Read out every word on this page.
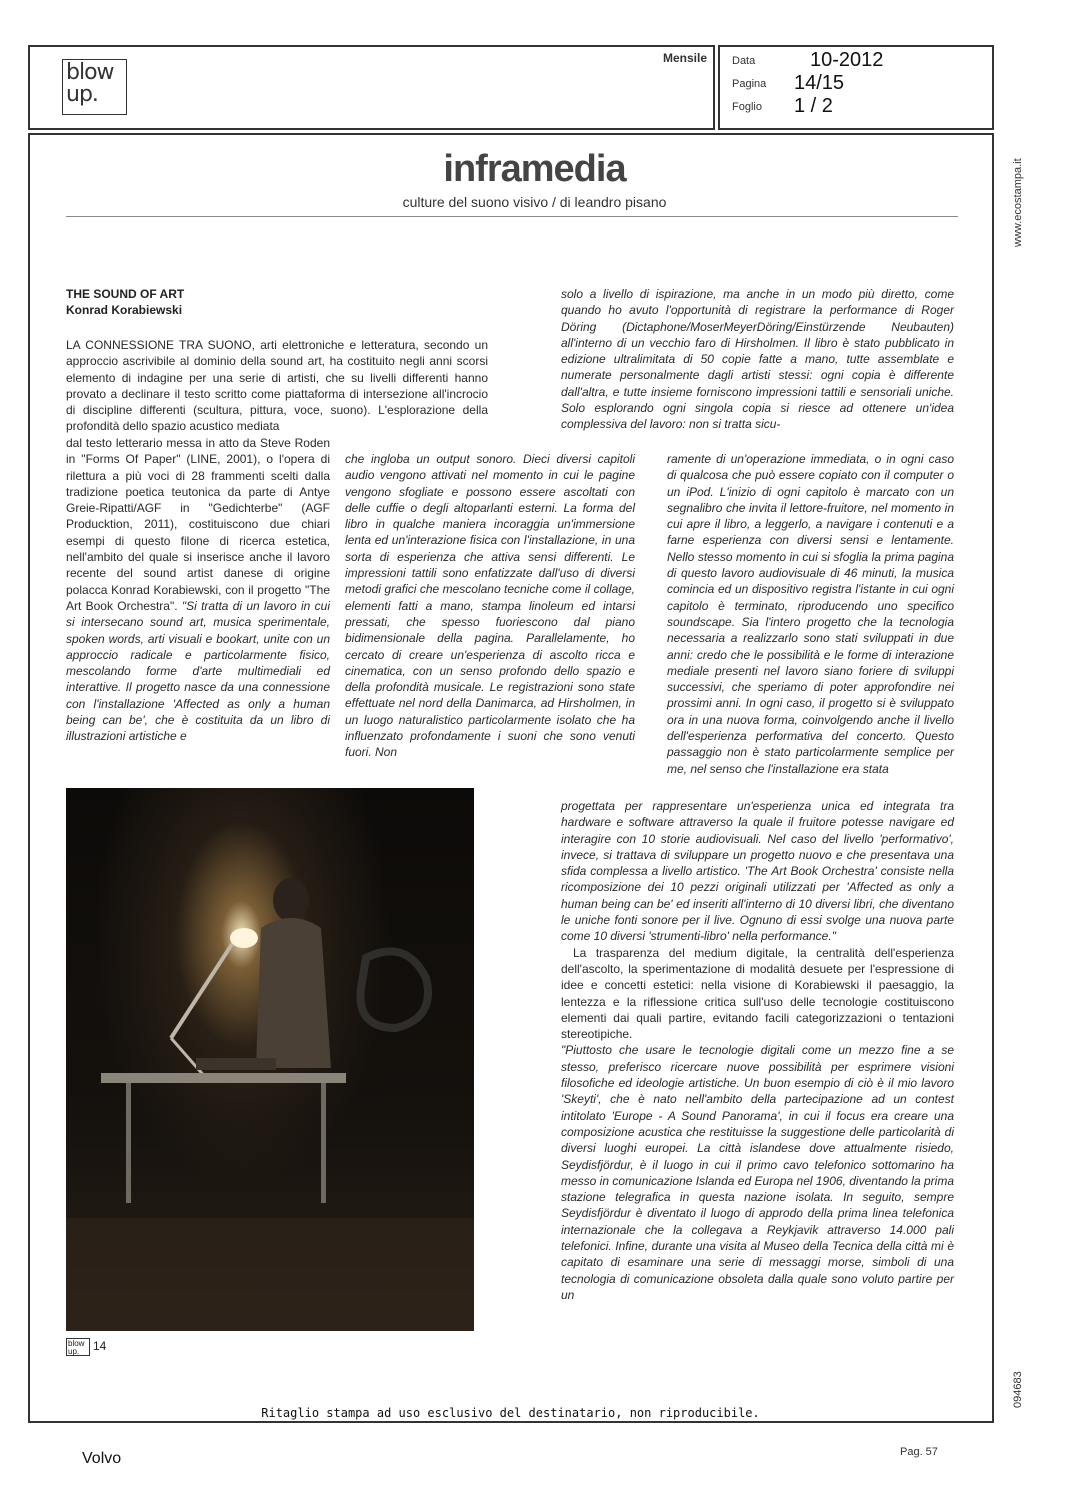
blow
up.
Mensile Data	10-2012
Pagina 14/15
Foglio 1 / 2
www.ecostampa.it
094683
inframedia
culture del suono visivo / di leandro pisano
THE SOUND OF ART
Konrad Korabiewski
LA CONNESSIONE TRA SUONO, arti elettroniche e letteratura, secondo un approccio ascrivibile al dominio della sound art, ha costituito negli anni scorsi elemento di indagine per una serie di artisti, che su livelli differenti hanno provato a declinare il testo scritto come piattaforma di intersezione all'incrocio di discipline differenti (scultura, pittura, voce, suono). L'esplorazione della profondità dello spazio acustico mediata
dal testo letterario messa in atto da Steve Roden in "Forms Of Paper" (LINE, 2001), o l'opera di rilettura a più voci di 28 frammenti scelti dalla tradizione poetica teutonica da parte di Antye Greie-Ripatti/AGF in "Gedichterbe" (AGF Producktion, 2011), costituiscono due chiari esempi di questo filone di ricerca estetica, nell'ambito del quale si inserisce anche il lavoro recente del sound artist danese di origine polacca Konrad Korabiewski, con il progetto "The Art Book Orchestra". "Si tratta di un lavoro in cui si intersecano sound art, musica sperimentale, spoken words, arti visuali e bookart, unite con un approccio radicale e particolarmente fisico, mescolando forme d'arte multimediali ed interattive. Il progetto nasce da una connessione con l'installazione 'Affected as only a human being can be', che è costituita da un libro di illustrazioni artistiche e
che ingloba un output sonoro. Dieci diversi capitoli audio vengono attivati nel momento in cui le pagine vengono sfogliate e possono essere ascoltati con delle cuffie o degli altoparlanti esterni. La forma del libro in qualche maniera incoraggia un'immersione lenta ed un'interazione fisica con l'installazione, in una sorta di esperienza che attiva sensi differenti. Le impressioni tattili sono enfatizzate dall'uso di diversi metodi grafici che mescolano tecniche come il collage, elementi fatti a mano, stampa linoleum ed intarsi pressati, che spesso fuoriescono dal piano bidimensionale della pagina. Parallelamente, ho cercato di creare un'esperienza di ascolto ricca e cinematica, con un senso profondo dello spazio e della profondità musicale. Le registrazioni sono state effettuate nel nord della Danimarca, ad Hirsholmen, in un luogo naturalistico particolarmente isolato che ha influenzato profondamente i suoni che sono venuti fuori. Non
solo a livello di ispirazione, ma anche in un modo più diretto, come quando ho avuto l'opportunità di registrare la performance di Roger Döring (Dictaphone/MoserMeyerDöring/Einstürzende Neubauten) all'interno di un vecchio faro di Hirsholmen. Il libro è stato pubblicato in edizione ultralimitata di 50 copie fatte a mano, tutte assemblate e numerate personalmente dagli artisti stessi: ogni copia è differente dall'altra, e tutte insieme forniscono impressioni tattili e sensoriali uniche. Solo esplorando ogni singola copia si riesce ad ottenere un'idea complessiva del lavoro: non si tratta sicu-
ramente di un'operazione immediata, o in ogni caso di qualcosa che può essere copiato con il computer o un iPod. L'inizio di ogni capitolo è marcato con un segnalibro che invita il lettore-fruitore, nel momento in cui apre il libro, a leggerlo, a navigare i contenuti e a farne esperienza con diversi sensi e lentamente. Nello stesso momento in cui si sfoglia la prima pagina di questo lavoro audiovisuale di 46 minuti, la musica comincia ed un dispositivo registra l'istante in cui ogni capitolo è terminato, riproducendo uno specifico soundscape. Sia l'intero progetto che la tecnologia necessaria a realizzarlo sono stati sviluppati in due anni: credo che le possibilità e le forme di interazione mediale presenti nel lavoro siano foriere di sviluppi successivi, che speriamo di poter approfondire nei prossimi anni. In ogni caso, il progetto si è sviluppato ora in una nuova forma, coinvolgendo anche il livello dell'esperienza performativa del concerto. Questo passaggio non è stato particolarmente semplice per me, nel senso che l'installazione era stata

progettata per rappresentare un'esperienza unica ed integrata tra hardware e software attraverso la quale il fruitore potesse navigare ed interagire con 10 storie audiovisuali. Nel caso del livello 'performativo', invece, si trattava di sviluppare un progetto nuovo e che presentava una sfida complessa a livello artistico. 'The Art Book Orchestra' consiste nella ricomposizione dei 10 pezzi originali utilizzati per 'Affected as only a human being can be' ed inseriti all'interno di 10 diversi libri, che diventano le uniche fonti sonore per il live. Ognuno di essi svolge una nuova parte come 10 diversi 'strumenti-libro' nella performance."

La trasparenza del medium digitale, la centralità dell'esperienza dell'ascolto, la sperimentazione di modalità desuete per l'espressione di idee e concetti estetici: nella visione di Korabiewski il paesaggio, la lentezza e la riflessione critica sull'uso delle tecnologie costituiscono elementi dai quali partire, evitando facili categorizzazioni o tentazioni stereotipiche.

"Piuttosto che usare le tecnologie digitali come un mezzo fine a se stesso, preferisco ricercare nuove possibilità per esprimere visioni filosofiche ed ideologie artistiche. Un buon esempio di ciò è il mio lavoro 'Skeyti', che è nato nell'ambito della partecipazione ad un contest intitolato 'Europe - A Sound Panorama', in cui il focus era creare una composizione acustica che restituisse la suggestione delle particolarità di diversi luoghi europei. La città islandese dove attualmente risiedo, Seydisfjördur, è il luogo in cui il primo cavo telefonico sottomarino ha messo in comunicazione Islanda ed Europa nel 1906, diventando la prima stazione telegrafica in questa nazione isolata. In seguito, sempre Seydisfjördur è diventato il luogo di approdo della prima linea telefonica internazionale che la collegava a Reykjavik attraverso 14.000 pali telefonici. Infine, durante una visita al Museo della Tecnica della città mi è capitato di esaminare una serie di messaggi morse, simboli di una tecnologia di comunicazione obsoleta dalla quale sono voluto partire per un

blow
up.	14
Ritaglio stampa ad uso esclusivo del destinatario, non riproducibile.
Volvo	Pag. 57
